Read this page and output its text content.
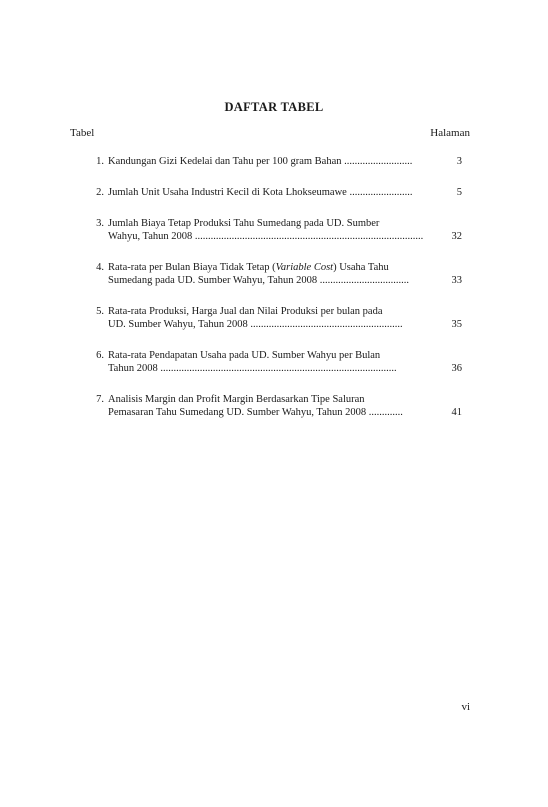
DAFTAR TABEL
Tabel	Halaman
1. Kandungan Gizi Kedelai dan Tahu per 100 gram Bahan ..........................	3
2. Jumlah Unit Usaha Industri Kecil di Kota Lhokseumawe ........................	5
3. Jumlah Biaya Tetap Produksi Tahu Sumedang pada UD. Sumber
Wahyu, Tahun 2008 .......................................................................................	32
4. Rata-rata per Bulan Biaya Tidak Tetap (Variable Cost) Usaha Tahu
Sumedang pada UD. Sumber Wahyu, Tahun 2008 ..................................	33
5. Rata-rata Produksi, Harga Jual dan Nilai Produksi per bulan pada
UD. Sumber Wahyu, Tahun 2008 ..........................................................	35
6. Rata-rata Pendapatan Usaha pada UD. Sumber Wahyu per Bulan
Tahun 2008 ..........................................................................................	36
7. Analisis Margin dan Profit Margin Berdasarkan Tipe Saluran
Pemasaran Tahu Sumedang UD. Sumber Wahyu, Tahun 2008 .............	41
vi
